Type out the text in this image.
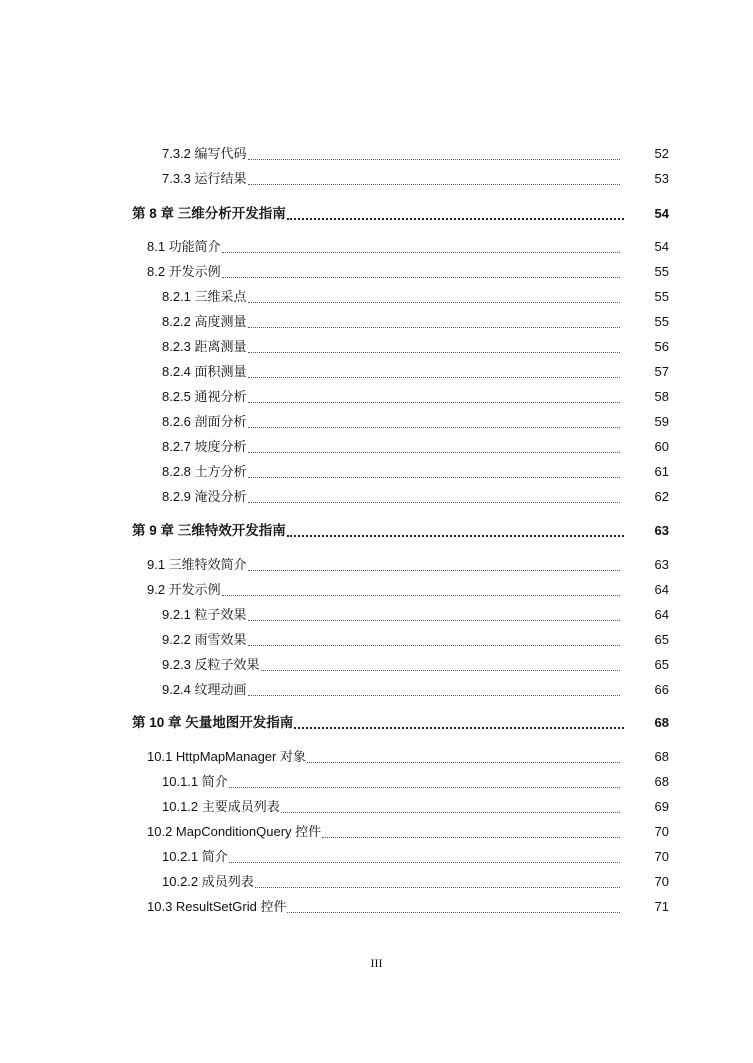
7.3.2 编写代码	52
7.3.3 运行结果	53
第 8 章 三维分析开发指南	54
8.1 功能简介	54
8.2 开发示例	55
8.2.1 三维采点	55
8.2.2 高度测量	55
8.2.3 距离测量	56
8.2.4 面积测量	57
8.2.5 通视分析	58
8.2.6 剖面分析	59
8.2.7 坡度分析	60
8.2.8 土方分析	61
8.2.9 淹没分析	62
第 9 章 三维特效开发指南	63
9.1 三维特效简介	63
9.2 开发示例	64
9.2.1 粒子效果	64
9.2.2 雨雪效果	65
9.2.3 反粒子效果	65
9.2.4 纹理动画	66
第 10 章 矢量地图开发指南	68
10.1 HttpMapManager 对象	68
10.1.1 简介	68
10.1.2 主要成员列表	69
10.2 MapConditionQuery 控件	70
10.2.1 简介	70
10.2.2 成员列表	70
10.3 ResultSetGrid 控件	71
III
